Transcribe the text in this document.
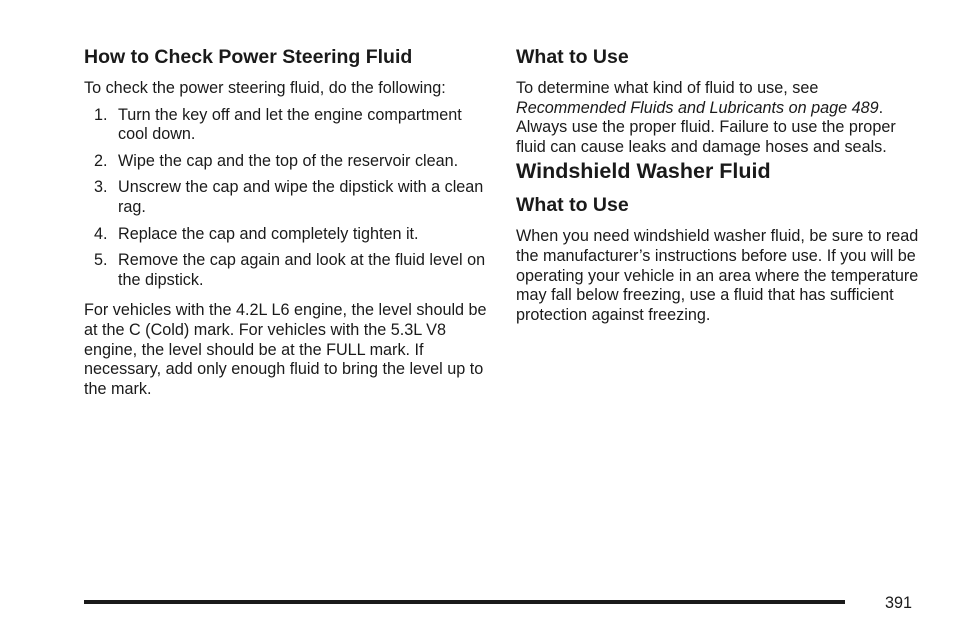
How to Check Power Steering Fluid

To check the power steering fluid, do the following:

1. Turn the key off and let the engine compartment cool down.
2. Wipe the cap and the top of the reservoir clean.
3. Unscrew the cap and wipe the dipstick with a clean rag.
4. Replace the cap and completely tighten it.
5. Remove the cap again and look at the fluid level on the dipstick.

For vehicles with the 4.2L L6 engine, the level should be at the C (Cold) mark. For vehicles with the 5.3L V8 engine, the level should be at the FULL mark. If necessary, add only enough fluid to bring the level up to the mark.

What to Use

To determine what kind of fluid to use, see
Recommended Fluids and Lubricants on page 489. Always use the proper fluid. Failure to use the proper fluid can cause leaks and damage hoses and seals.

Windshield Washer Fluid
What to Use

When you need windshield washer fluid, be sure to read the manufacturer’s instructions before use. If you will be operating your vehicle in an area where the temperature may fall below freezing, use a fluid that has sufficient protection against freezing.

391
